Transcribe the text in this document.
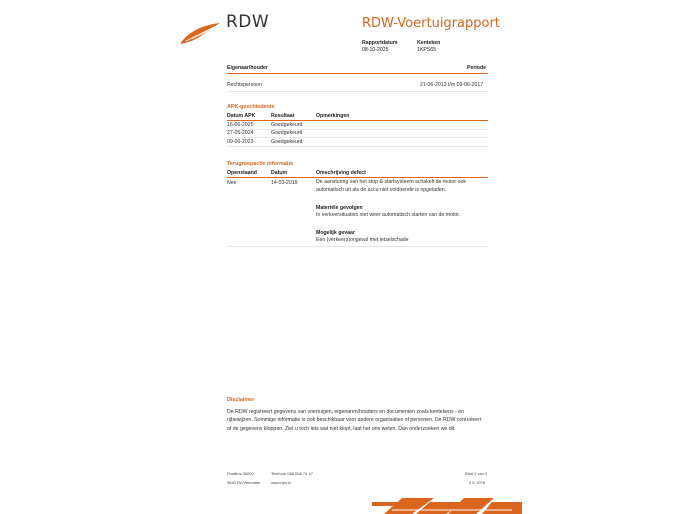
RDW	RDW-Voertuigrapport
Rapportdatum
08-10-2025
Kenteken
1KPS65
Eigenaar/houder	Periode
Rechtspersoon	21-06-2013 t/m 09-06-2017
APK-geschiedenis
Datum APK	Resultaat	Opmerkingen
16-06-2025	Goedgekeurd
27-05-2024	Goedgekeurd
09-06-2023	Goedgekeurd
Terugroepactie informatie
Openstaand	Datum	Omschrijving defect
Nee	14-03-2019	De aansturing van het stop & startsysteem schakelt de motor ook automatisch uit als de accu niet voldoende is opgeladen.
Materiële gevolgen
In verkeersituaties niet weer automatisch starten van de motor.
Mogelijk gevaar
Een (verkeers)ongeval met letselschade
Disclaimer
De RDW registreert gegevens van voertuigen, eigenaren/houders en documenten zoals kentekens - en rijbewijzen. Sommige informatie is ook beschikbaar voor andere organisaties of personen. De RDW controleert of de gegevens kloppen. Ziet u toch iets wat niet klopt, laat het ons weten. Dan onderzoeken we dit.
Postbus 30000
9640 RA Veendam
Telefoon 088 008 74 47
www.rdw.nl
Blad 3 van 3
3 E 1978
